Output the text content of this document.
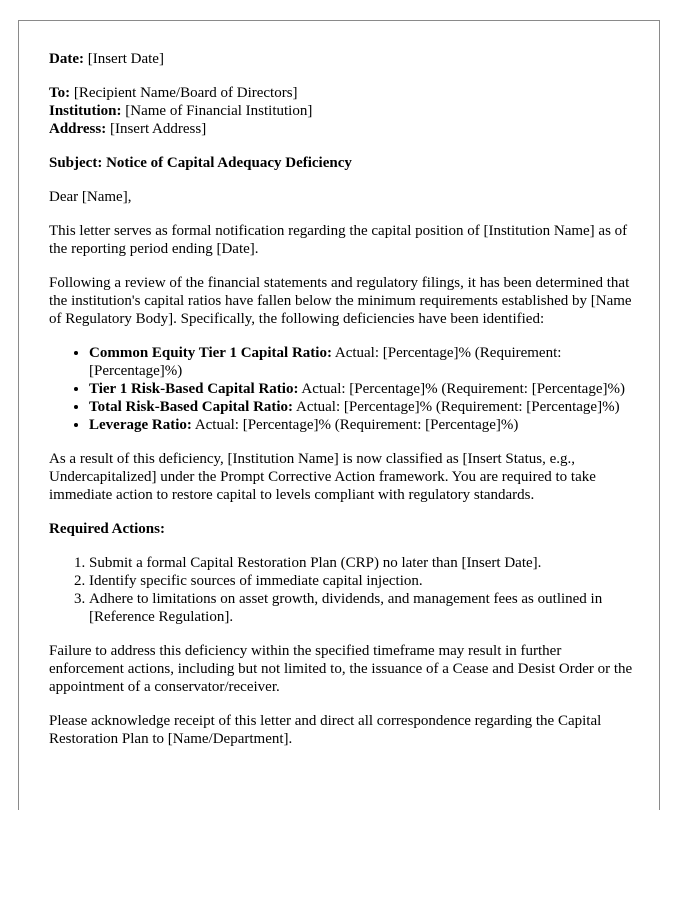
Date: [Insert Date]

To: [Recipient Name/Board of Directors]

Institution: [Name of Financial Institution]

Address: [Insert Address]

Subject: Notice of Capital Adequacy Deficiency

Dear [Name],

This letter serves as formal notification regarding the capital position of [Institution Name] as of the reporting period ending [Date].

Following a review of the financial statements and regulatory filings, it has been determined that the institution's capital ratios have fallen below the minimum requirements established by [Name of Regulatory Body]. Specifically, the following deficiencies have been identified:

• Common Equity Tier 1 Capital Ratio: Actual: [Percentage]% (Requirement: [Percentage]%)
• Tier 1 Risk-Based Capital Ratio: Actual: [Percentage]% (Requirement: [Percentage]%)
• Total Risk-Based Capital Ratio: Actual: [Percentage]% (Requirement: [Percentage]%)
• Leverage Ratio: Actual: [Percentage]% (Requirement: [Percentage]%)

As a result of this deficiency, [Institution Name] is now classified as [Insert Status, e.g., Undercapitalized] under the Prompt Corrective Action framework. You are required to take immediate action to restore capital to levels compliant with regulatory standards.

Required Actions:

1. Submit a formal Capital Restoration Plan (CRP) no later than [Insert Date].
2. Identify specific sources of immediate capital injection.
3. Adhere to limitations on asset growth, dividends, and management fees as outlined in [Reference Regulation].

Failure to address this deficiency within the specified timeframe may result in further enforcement actions, including but not limited to, the issuance of a Cease and Desist Order or the appointment of a conservator/receiver.

Please acknowledge receipt of this letter and direct all correspondence regarding the Capital Restoration Plan to [Name/Department].
